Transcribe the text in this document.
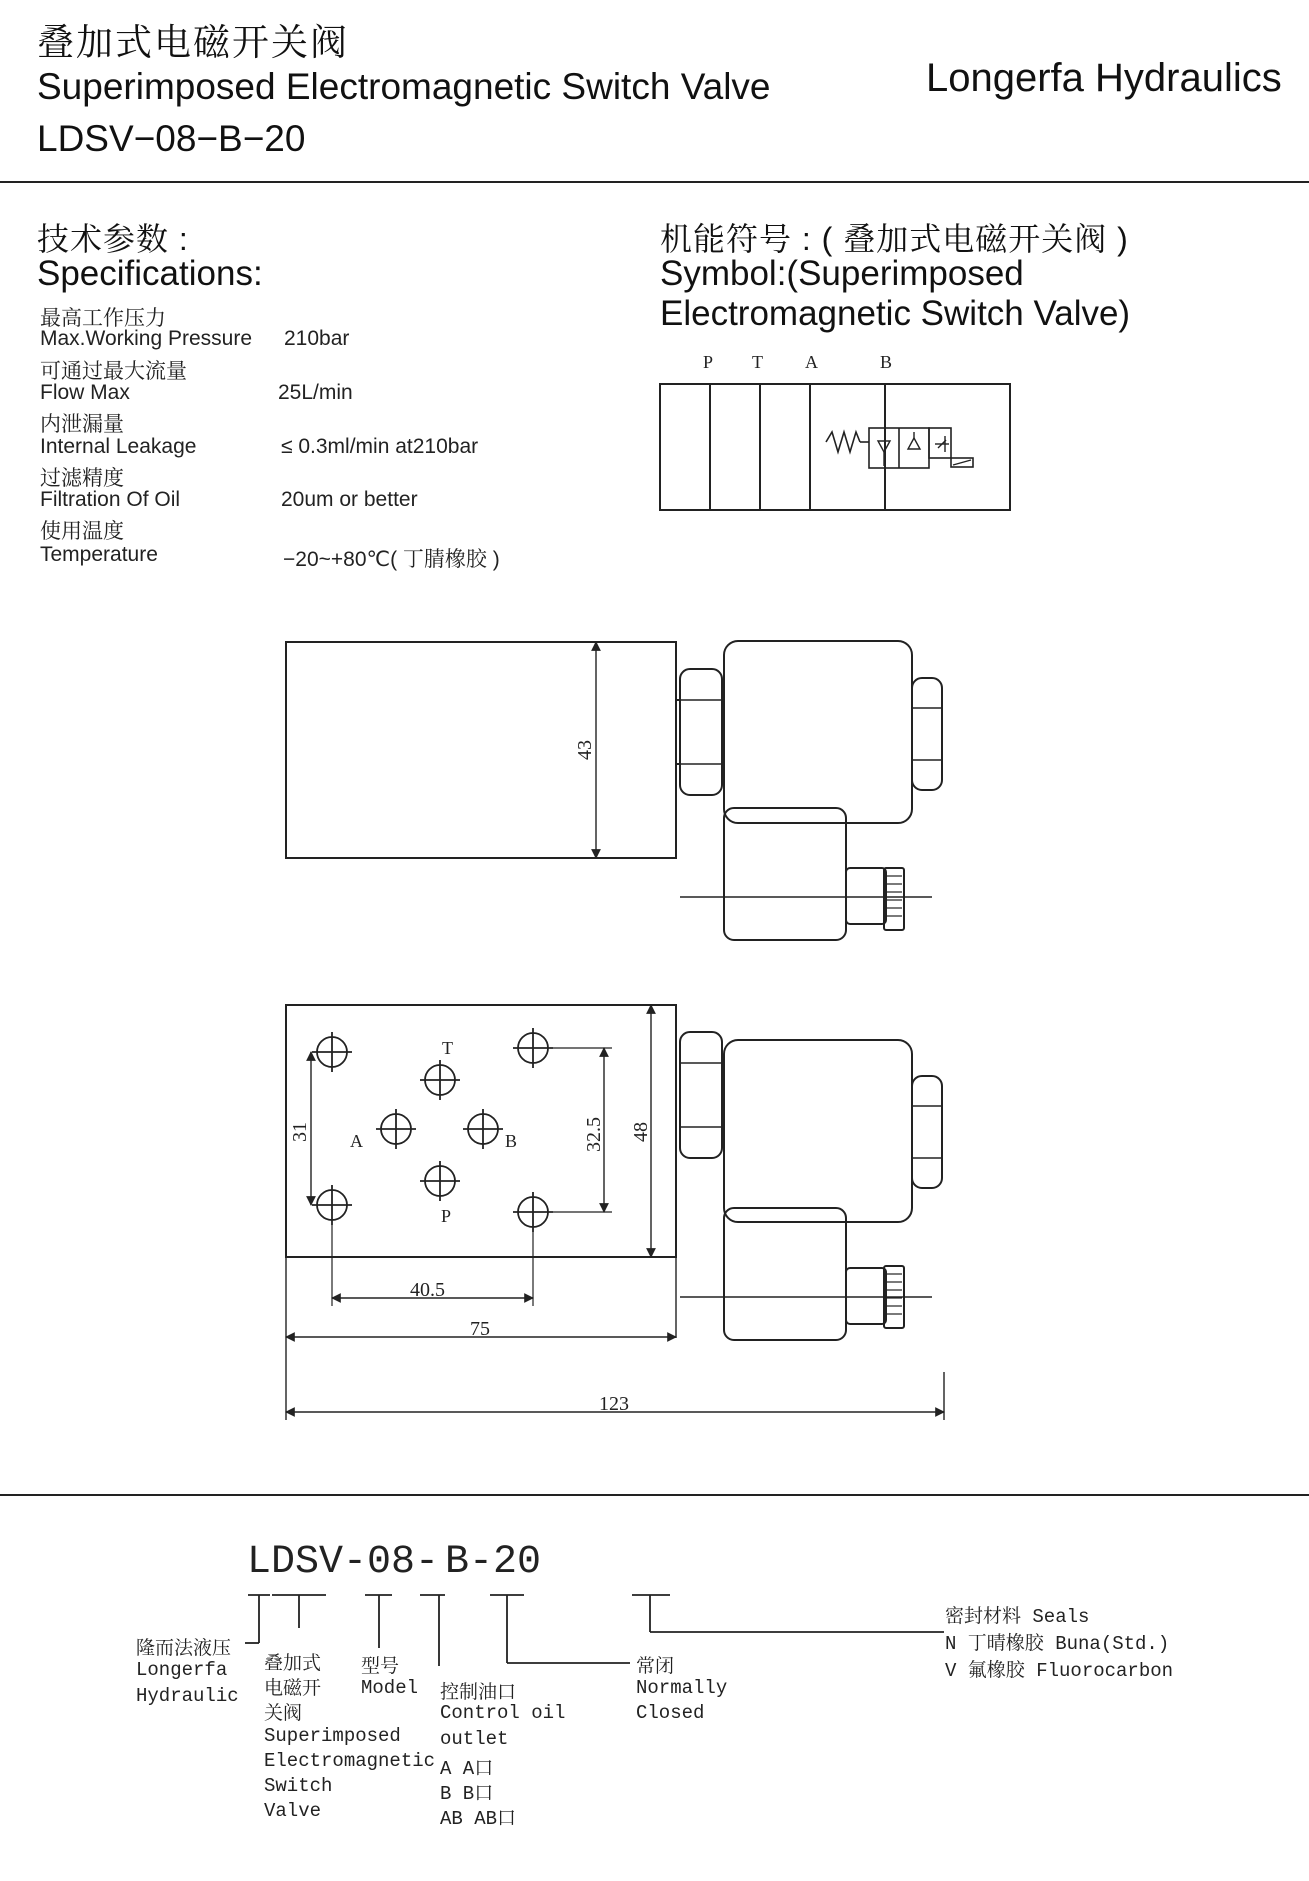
叠加式电磁开关阀
Superimposed Electromagnetic Switch Valve
LDSV−08−B−20
Longerfa Hydraulics
技术参数 :
Specifications:
最高工作压力
Max.Working Pressure 210bar
可通过最大流量
Flow Max	25L/min
内泄漏量
Internal Leakage	≤ 0.3ml/min at210bar
过滤精度
Filtration Of Oil	20um or better
使用温度
Temperature	−20~+80℃( 丁腈橡胶 )
机能符号 : ( 叠加式电磁开关阀 )
Symbol:(Superimposed
Electromagnetic Switch Valve)
P T A	B
43
T
A	B
P
31	32.5 48
40.5
75
123
LDSV-08- B-20
隆而法液压
Longerfa
Hydraulic
叠加式
电磁开
关阀
Superimposed
Electromagnetic
Switch
Valve
型号
Model 控制油口
Control oil
outlet
A A口
B B口
AB AB口
常闭
Normally
Closed
密封材料 Seals
N 丁晴橡胶 Buna(Std.)
V 氟橡胶 Fluorocarbon
